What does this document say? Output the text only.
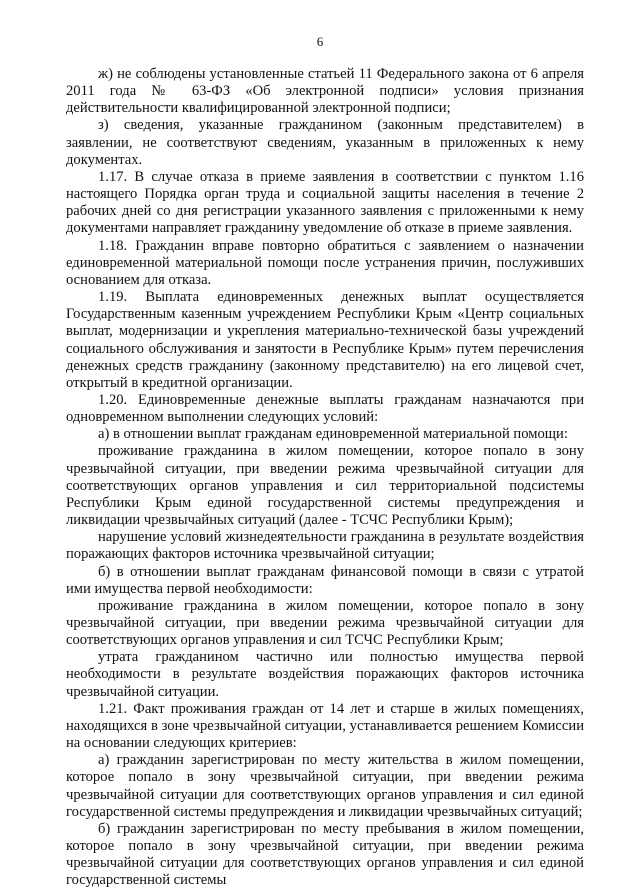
6

ж) не соблюдены установленные статьей 11 Федерального закона от 6 апреля 2011 года № 63-ФЗ «Об электронной подписи» условия признания действительности квалифицированной электронной подписи;

з) сведения, указанные гражданином (законным представителем) в заявлении, не соответствуют сведениям, указанным в приложенных к нему документах.

1.17. В случае отказа в приеме заявления в соответствии с пунктом 1.16 настоящего Порядка орган труда и социальной защиты населения в течение 2 рабочих дней со дня регистрации указанного заявления с приложенными к нему документами направляет гражданину уведомление об отказе в приеме заявления.

1.18. Гражданин вправе повторно обратиться с заявлением о назначении единовременной материальной помощи после устранения причин, послуживших основанием для отказа.

1.19. Выплата единовременных денежных выплат осуществляется Государственным казенным учреждением Республики Крым «Центр социальных выплат, модернизации и укрепления материально-технической базы учреждений социального обслуживания и занятости в Республике Крым» путем перечисления денежных средств гражданину (законному представителю) на его лицевой счет, открытый в кредитной организации.

1.20. Единовременные денежные выплаты гражданам назначаются при одновременном выполнении следующих условий:

а) в отношении выплат гражданам единовременной материальной помощи:

проживание гражданина в жилом помещении, которое попало в зону чрезвычайной ситуации, при введении режима чрезвычайной ситуации для соответствующих органов управления и сил территориальной подсистемы Республики Крым единой государственной системы предупреждения и ликвидации чрезвычайных ситуаций (далее - ТСЧС Республики Крым);

нарушение условий жизнедеятельности гражданина в результате воздействия поражающих факторов источника чрезвычайной ситуации;

б) в отношении выплат гражданам финансовой помощи в связи с утратой ими имущества первой необходимости:

проживание гражданина в жилом помещении, которое попало в зону чрезвычайной ситуации, при введении режима чрезвычайной ситуации для соответствующих органов управления и сил ТСЧС Республики Крым;

утрата гражданином частично или полностью имущества первой необходимости в результате воздействия поражающих факторов источника чрезвычайной ситуации.

1.21. Факт проживания граждан от 14 лет и старше в жилых помещениях, находящихся в зоне чрезвычайной ситуации, устанавливается решением Комиссии на основании следующих критериев:

а) гражданин зарегистрирован по месту жительства в жилом помещении, которое попало в зону чрезвычайной ситуации, при введении режима чрезвычайной ситуации для соответствующих органов управления и сил единой государственной системы предупреждения и ликвидации чрезвычайных ситуаций;

б) гражданин зарегистрирован по месту пребывания в жилом помещении, которое попало в зону чрезвычайной ситуации, при введении режима чрезвычайной ситуации для соответствующих органов управления и сил единой государственной системы
